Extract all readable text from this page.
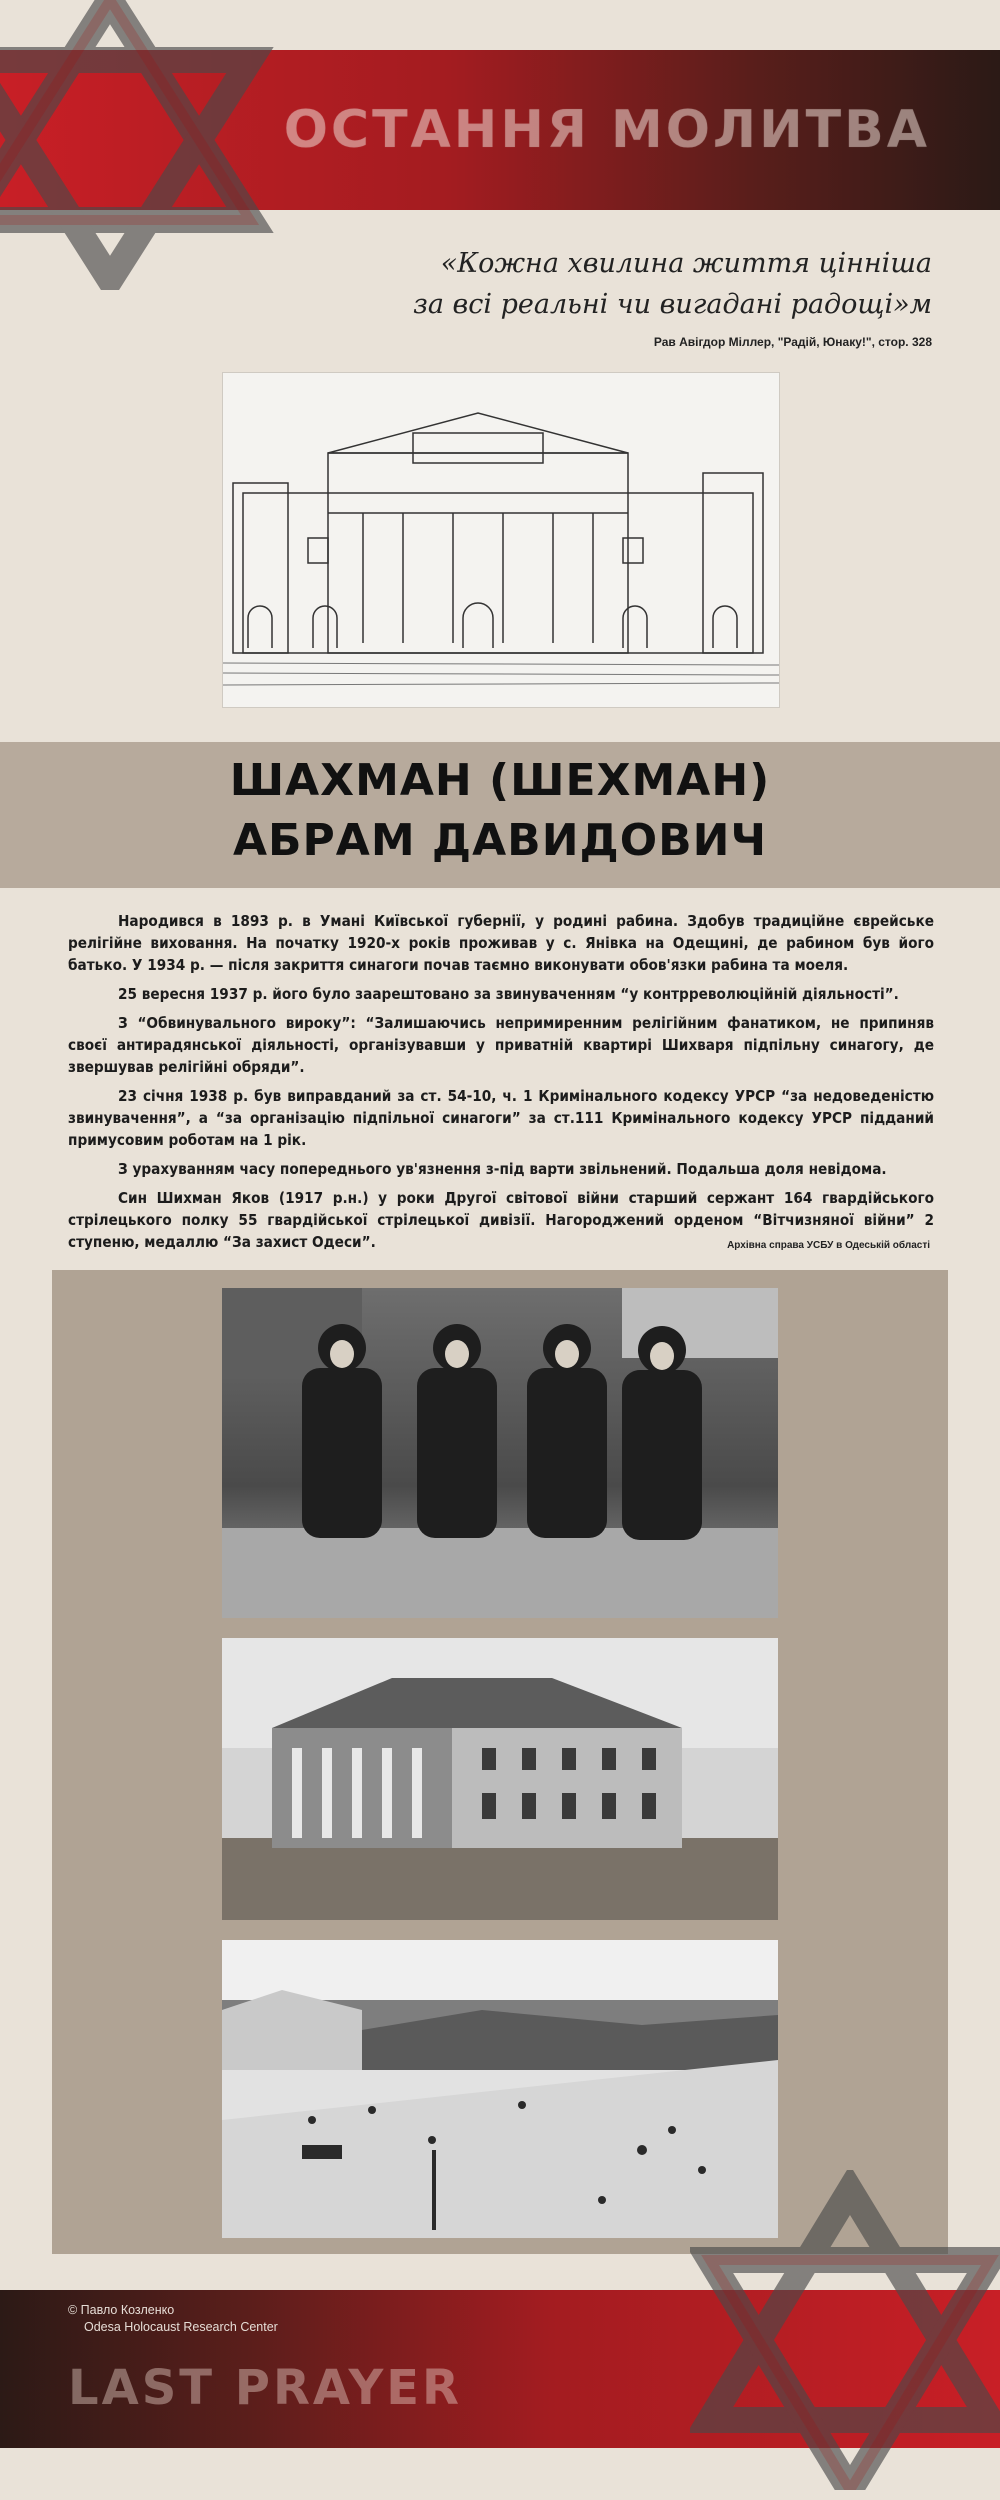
ОСТАННЯ МОЛИТВА
«Кожна хвилина життя цінніша
за всі реальні чи вигадані радощі»м
Рав Авігдор Міллер, "Радій, Юнаку!", стор. 328
ШАХМАН (ШЕХМАН)
АБРАМ ДАВИДОВИЧ

Народився в 1893 р. в Умані Київської губернії, у родині рабина. Здобув традиційне єврейське релігійне виховання. На початку 1920-х років проживав у с. Янівка на Одещині, де рабином був його батько. У 1934 р. — після закриття синагоги почав таємно виконувати обов'язки рабина та моеля.

25 вересня 1937 р. його було заарештовано за звинуваченням “у контрреволюційній діяльності”.

З “Обвинувального вироку”: “Залишаючись непримиренним релігійним фанатиком, не припиняв своєї антирадянської діяльності, організувавши у приватній квартирі Шихваря підпільну синагогу, де звершував релігійні обряди”.

23 січня 1938 р. був виправданий за ст. 54-10, ч. 1 Кримінального кодексу УРСР “за недоведеністю звинувачення”, а “за організацію підпільної синагоги” за ст.111 Кримінального кодексу УРСР підданий примусовим роботам на 1 рік.

З урахуванням часу попереднього ув'язнення з-під варти звільнений. Подальша доля невідома.

Син Шихман Яков (1917 р.н.) у роки Другої світової війни старший сержант 164 гвардійського стрілецького полку 55 гвардійської стрілецької дивізії. Нагороджений орденом “Вітчизняної війни” 2 ступеню, медаллю “За захист Одеси”.	Архівна справа УСБУ в Одеській області
© Павло Козленко
Odesa Holocaust Research Center
LAST PRAYER
